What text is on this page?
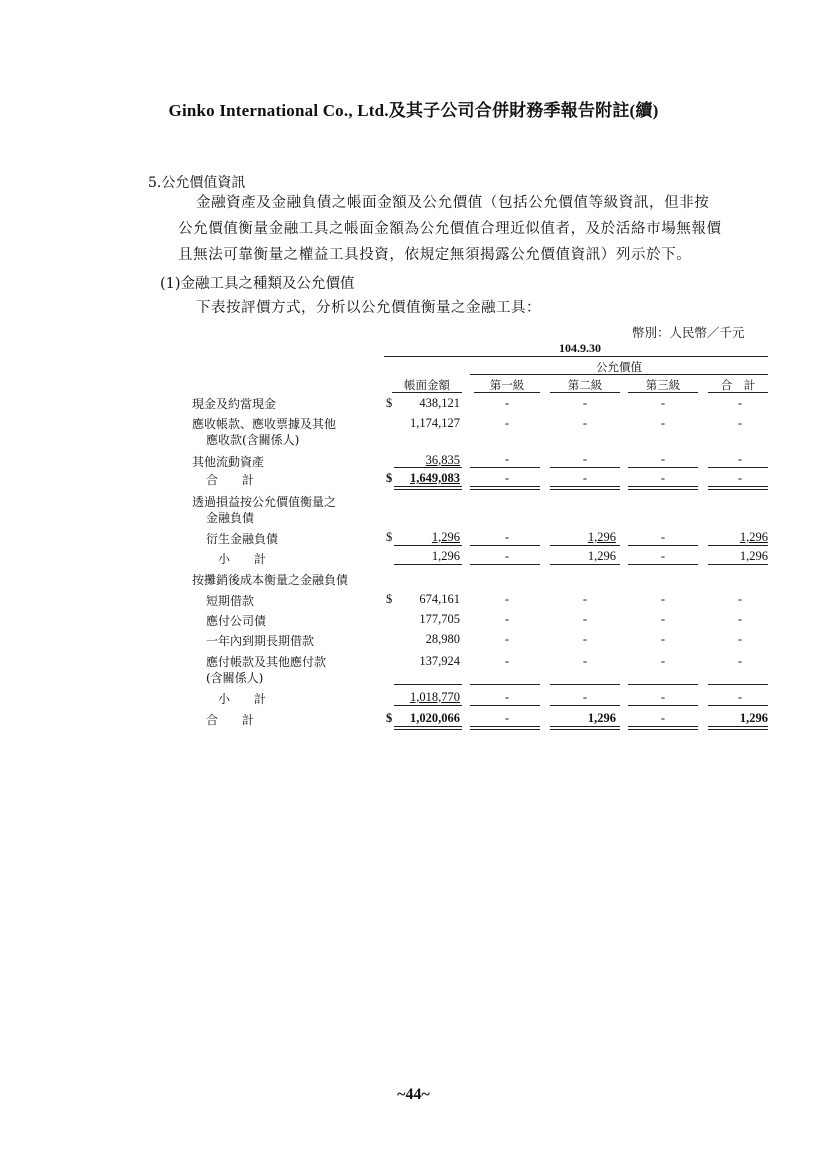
Ginko International Co., Ltd.及其子公司合併財務季報告附註(續)
5.公允價值資訊
金融資產及金融負債之帳面金額及公允價值（包括公允價值等級資訊，但非按
公允價值衡量金融工具之帳面金額為公允價值合理近似值者，及於活絡市場無報價
且無法可靠衡量之權益工具投資，依規定無須揭露公允價值資訊）列示於下。
(1)金融工具之種類及公允價值
下表按評價方式，分析以公允價值衡量之金融工具：
幣別：人民幣／千元
104.9.30
公允價值
帳面金額	第一級	第二級	第三級	合　計
現金及約當現金	$	438,121	-	-	-	-
應收帳款、應收票據及其他
應收款(含關係人)
1,174,127	-	-	-	-
其他流動資產	36,835	-	-	-	-
合　　計	$	1,649,083	-	-	-	-
透過損益按公允價值衡量之
金融負債
衍生金融負債	$	1,296	-	1,296	-	1,296
小　　計	1,296	-	1,296	-	1,296
按攤銷後成本衡量之金融負債
短期借款	$	674,161	-	-	-	-
應付公司債	177,705	-	-	-	-
一年內到期長期借款	28,980	-	-	-	-
應付帳款及其他應付款
(含關係人)
137,924	-	-	-	-
小　　計	1,018,770	-	-	-	-
合　　計	$	1,020,066	-	1,296	-	1,296
~44~
